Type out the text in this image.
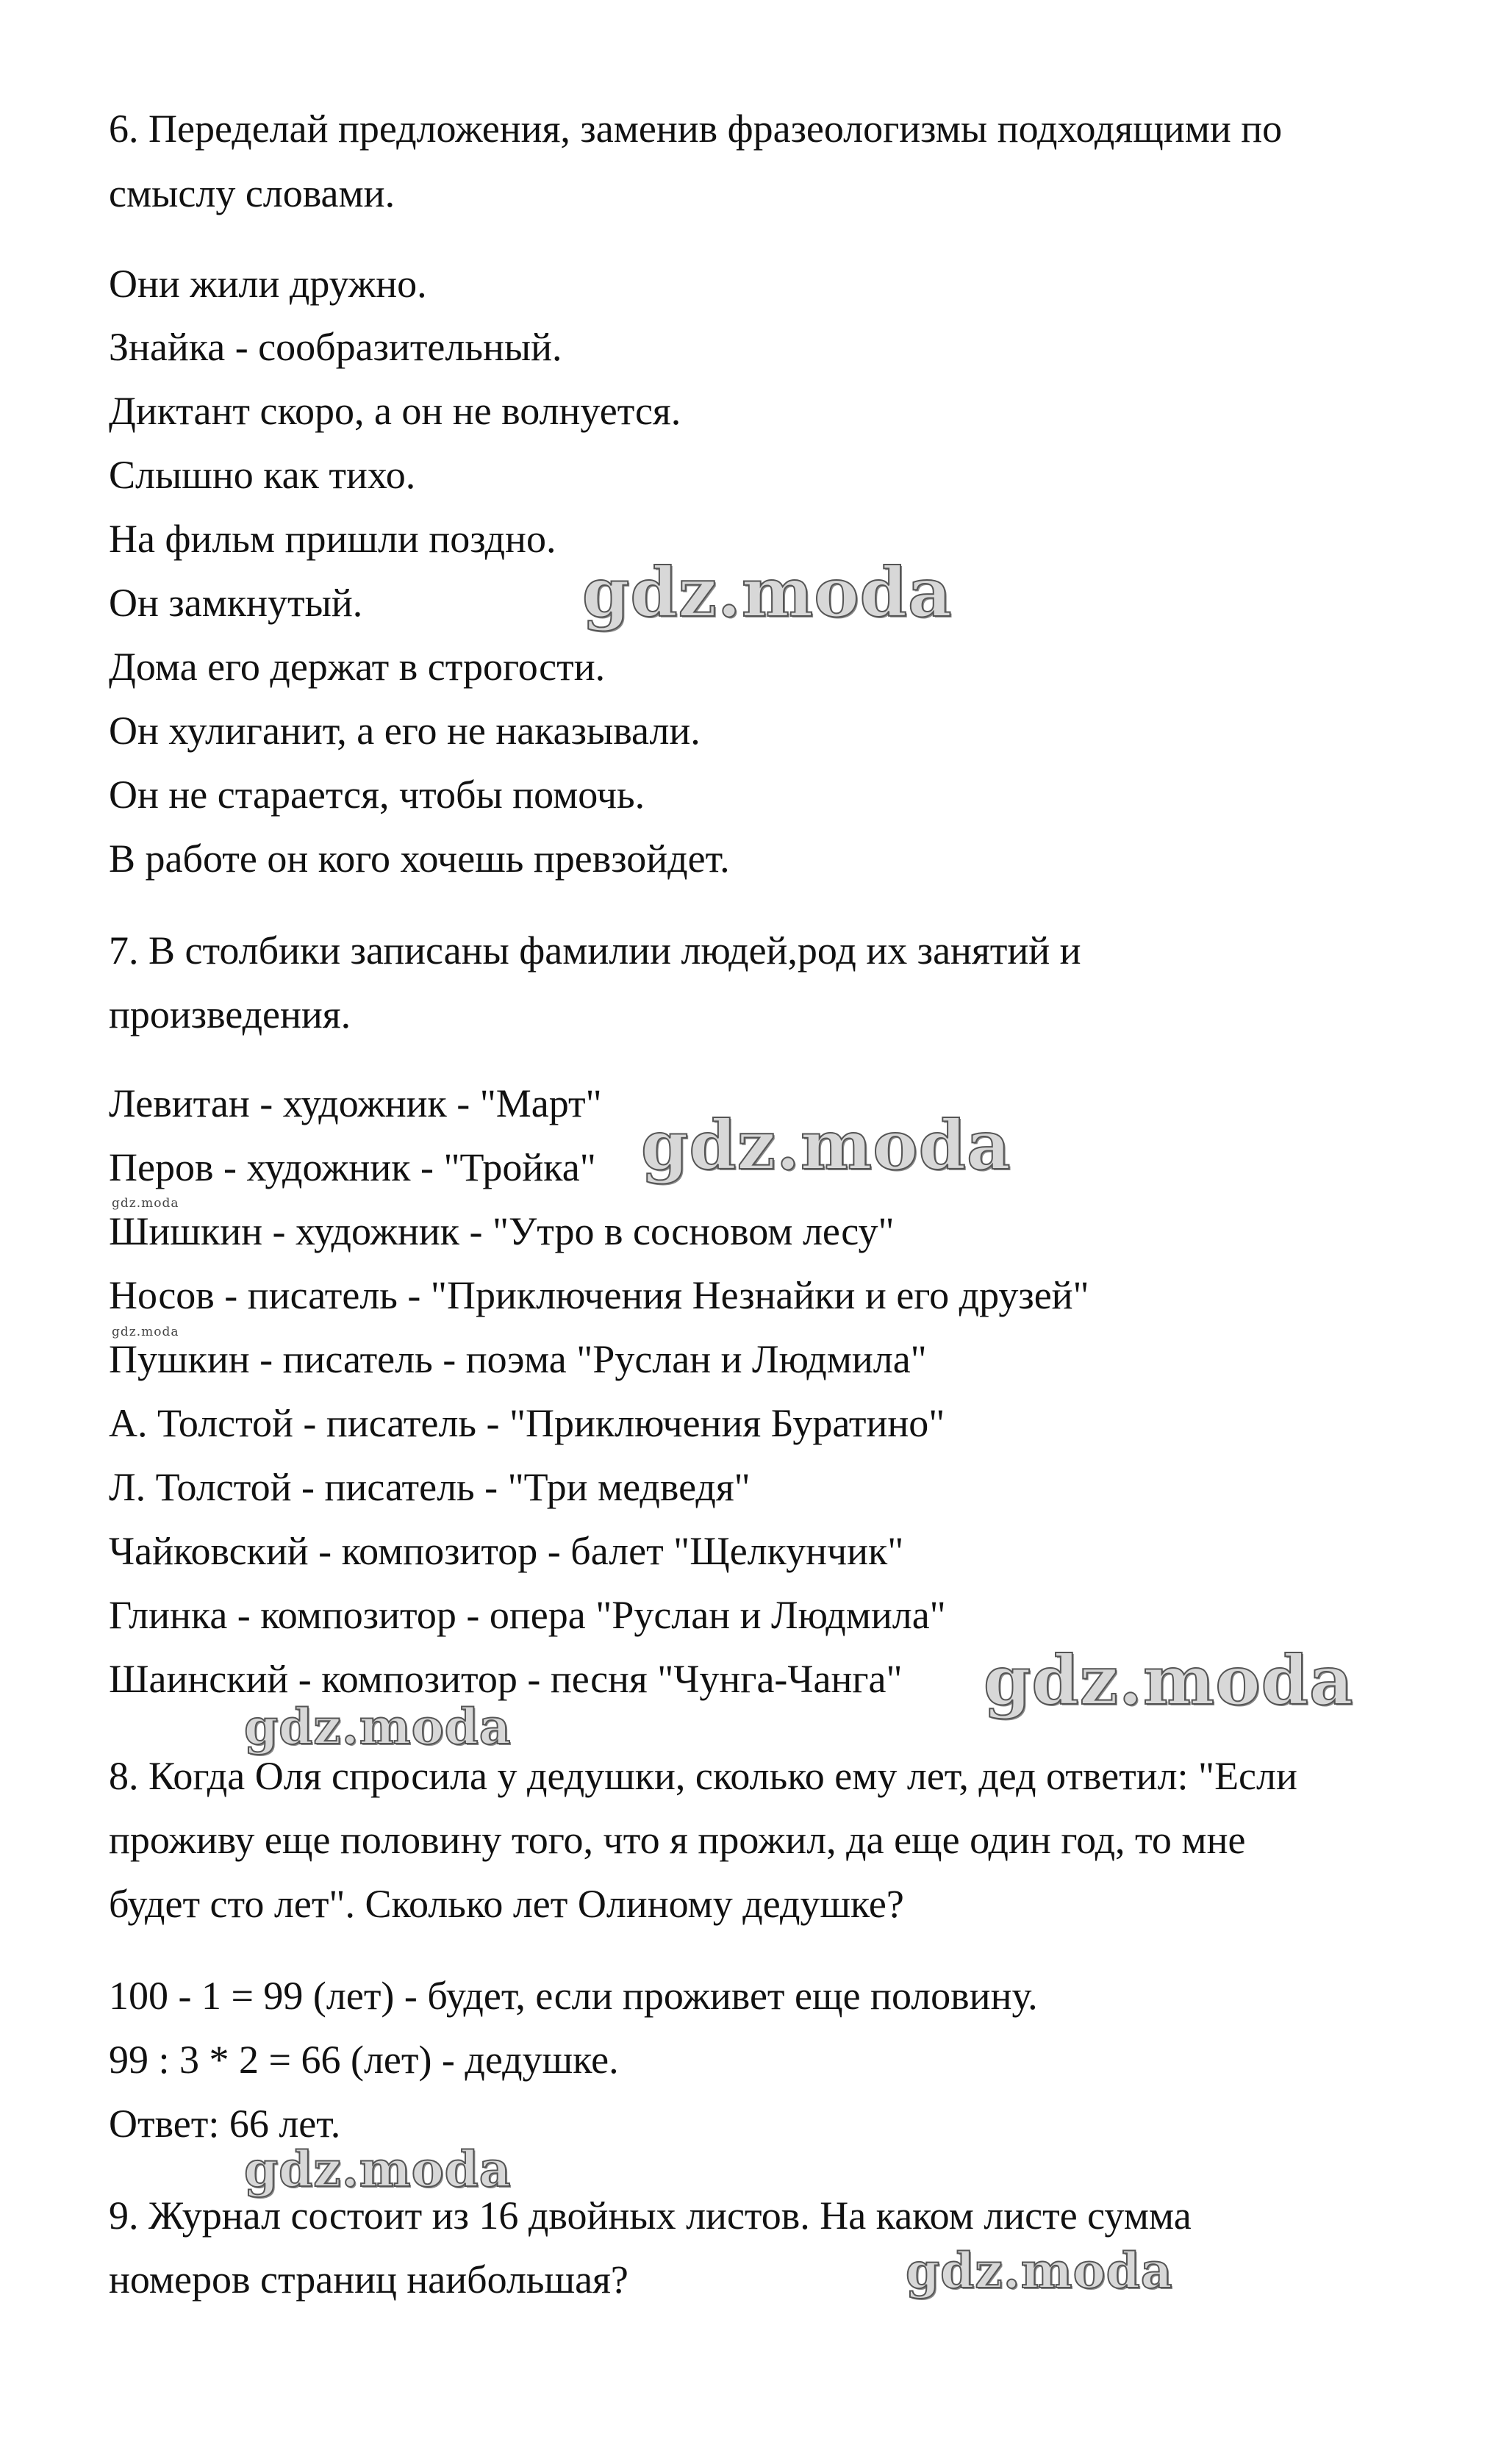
6. Переделай предложения, заменив фразеологизмы подходящими по
смыслу словами.
Они жили дружно.
Знайка - сообразительный.
Диктант скоро, а он не волнуется.
Слышно как тихо.
На фильм пришли поздно.
Он замкнутый.
Дома его держат в строгости.
Он хулиганит, а его не наказывали.
Он не старается, чтобы помочь.
В работе он кого хочешь превзойдет.
7. В столбики записаны фамилии людей,род их занятий и
произведения.
Левитан - художник - "Март"
Перов - художник - "Тройка"
Шишкин - художник - "Утро в сосновом лесу"
Носов - писатель - "Приключения Незнайки и его друзей"
Пушкин - писатель - поэма "Руслан и Людмила"
А. Толстой - писатель - "Приключения Буратино"
Л. Толстой - писатель - "Три медведя"
Чайковский - композитор - балет "Щелкунчик"
Глинка - композитор - опера "Руслан и Людмила"
Шаинский - композитор - песня "Чунга-Чанга"
8. Когда Оля спросила у дедушки, сколько ему лет, дед ответил: "Если
проживу еще половину того, что я прожил, да еще один год, то мне
будет сто лет". Сколько лет Олиному дедушке?
100 - 1 = 99 (лет) - будет, если проживет еще половину.
99 : 3 * 2 = 66 (лет) - дедушке.
Ответ: 66 лет.
9. Журнал состоит из 16 двойных листов. На каком листе сумма
номеров страниц наибольшая?
gdz.moda
gdz.moda
gdz.moda
gdz.moda
gdz.moda
gdz.moda
gdz.moda
gdz.moda
